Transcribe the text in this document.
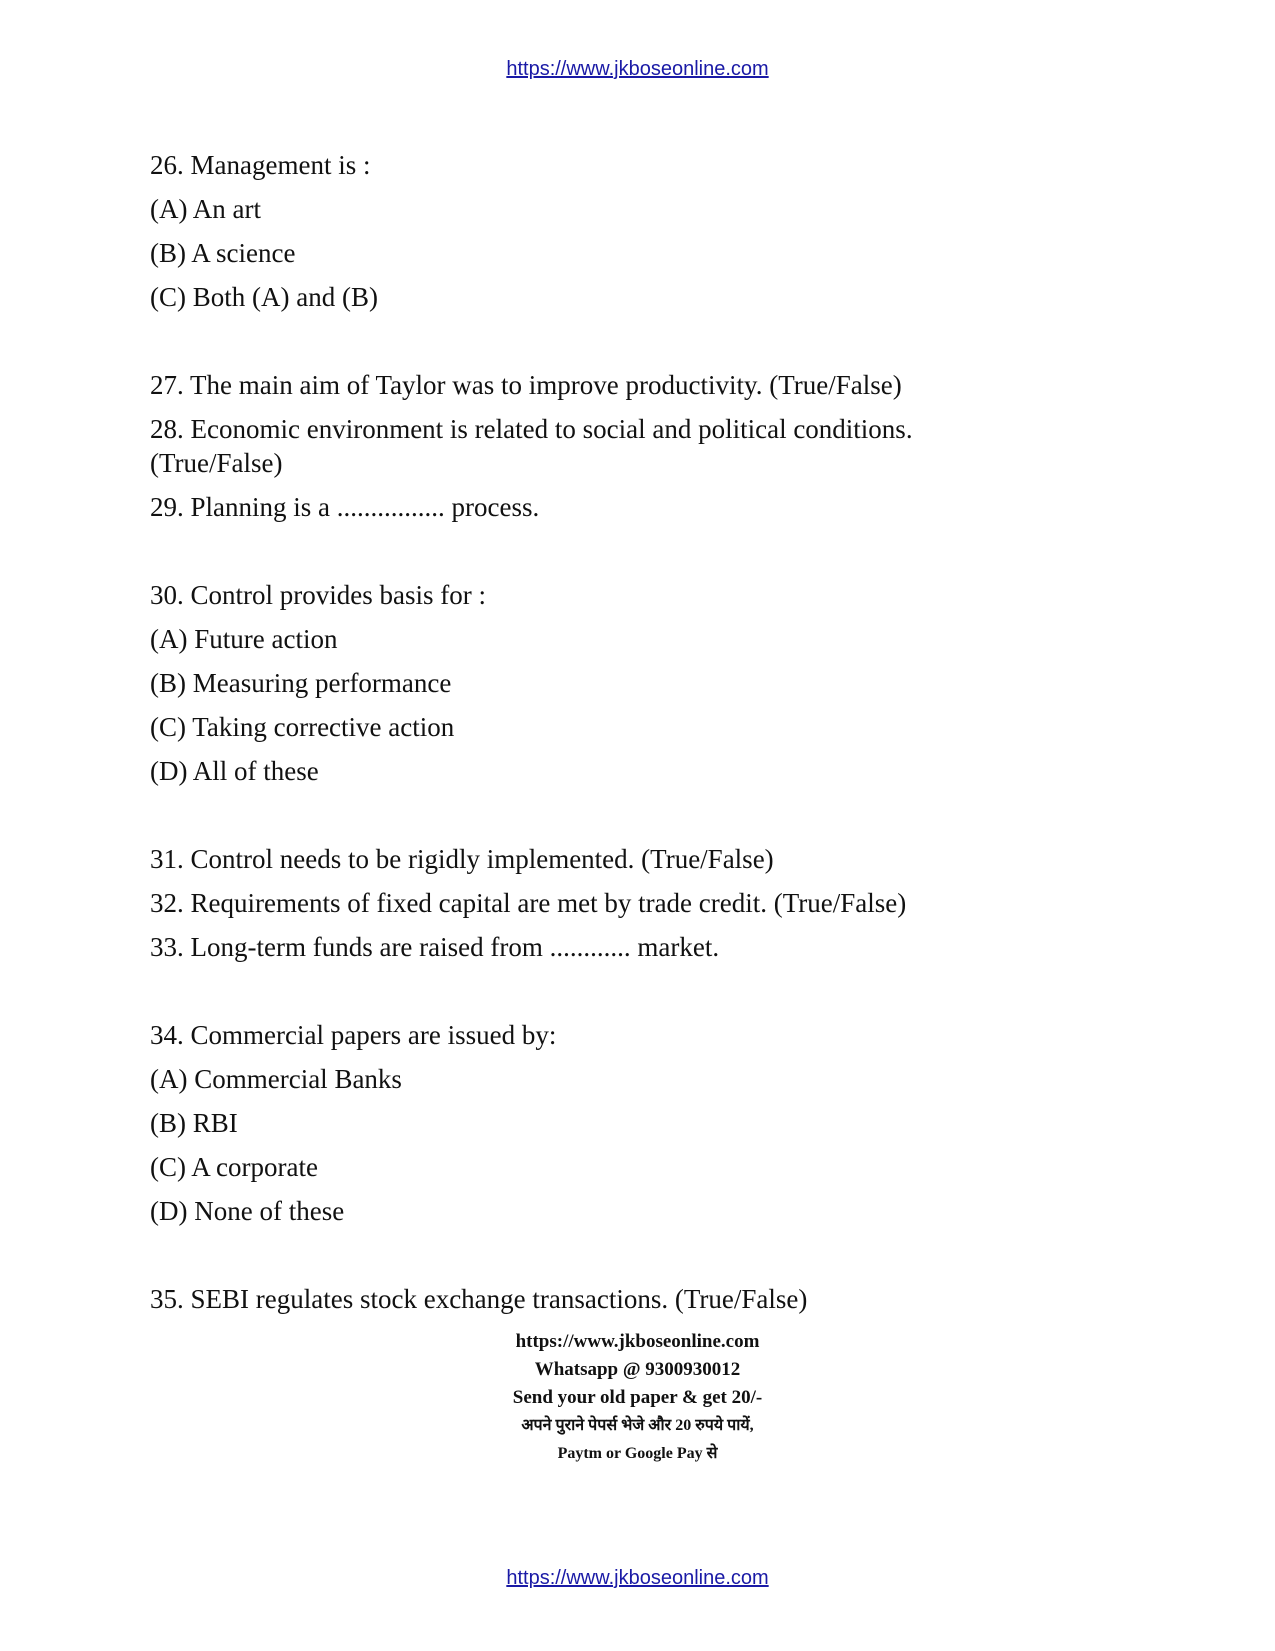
https://www.jkboseonline.com
26. Management is :
(A) An art
(B) A science
(C) Both (A) and (B)
27. The main aim of Taylor was to improve productivity. (True/False)
28. Economic environment is related to social and political conditions.
(True/False)
29. Planning is a ................ process.
30. Control provides basis for :
(A) Future action
(B) Measuring performance
(C) Taking corrective action
(D) All of these
31. Control needs to be rigidly implemented. (True/False)
32. Requirements of fixed capital are met by trade credit. (True/False)
33. Long-term funds are raised from ............ market.
34. Commercial papers are issued by:
(A) Commercial Banks
(B) RBI
(C) A corporate
(D) None of these
35. SEBI regulates stock exchange transactions. (True/False)
https://www.jkboseonline.com
Whatsapp @ 9300930012
Send your old paper & get 20/-
अपने पुराने पेपर्स भेजे और 20 रुपये पायें,
Paytm or Google Pay से
https://www.jkboseonline.com
